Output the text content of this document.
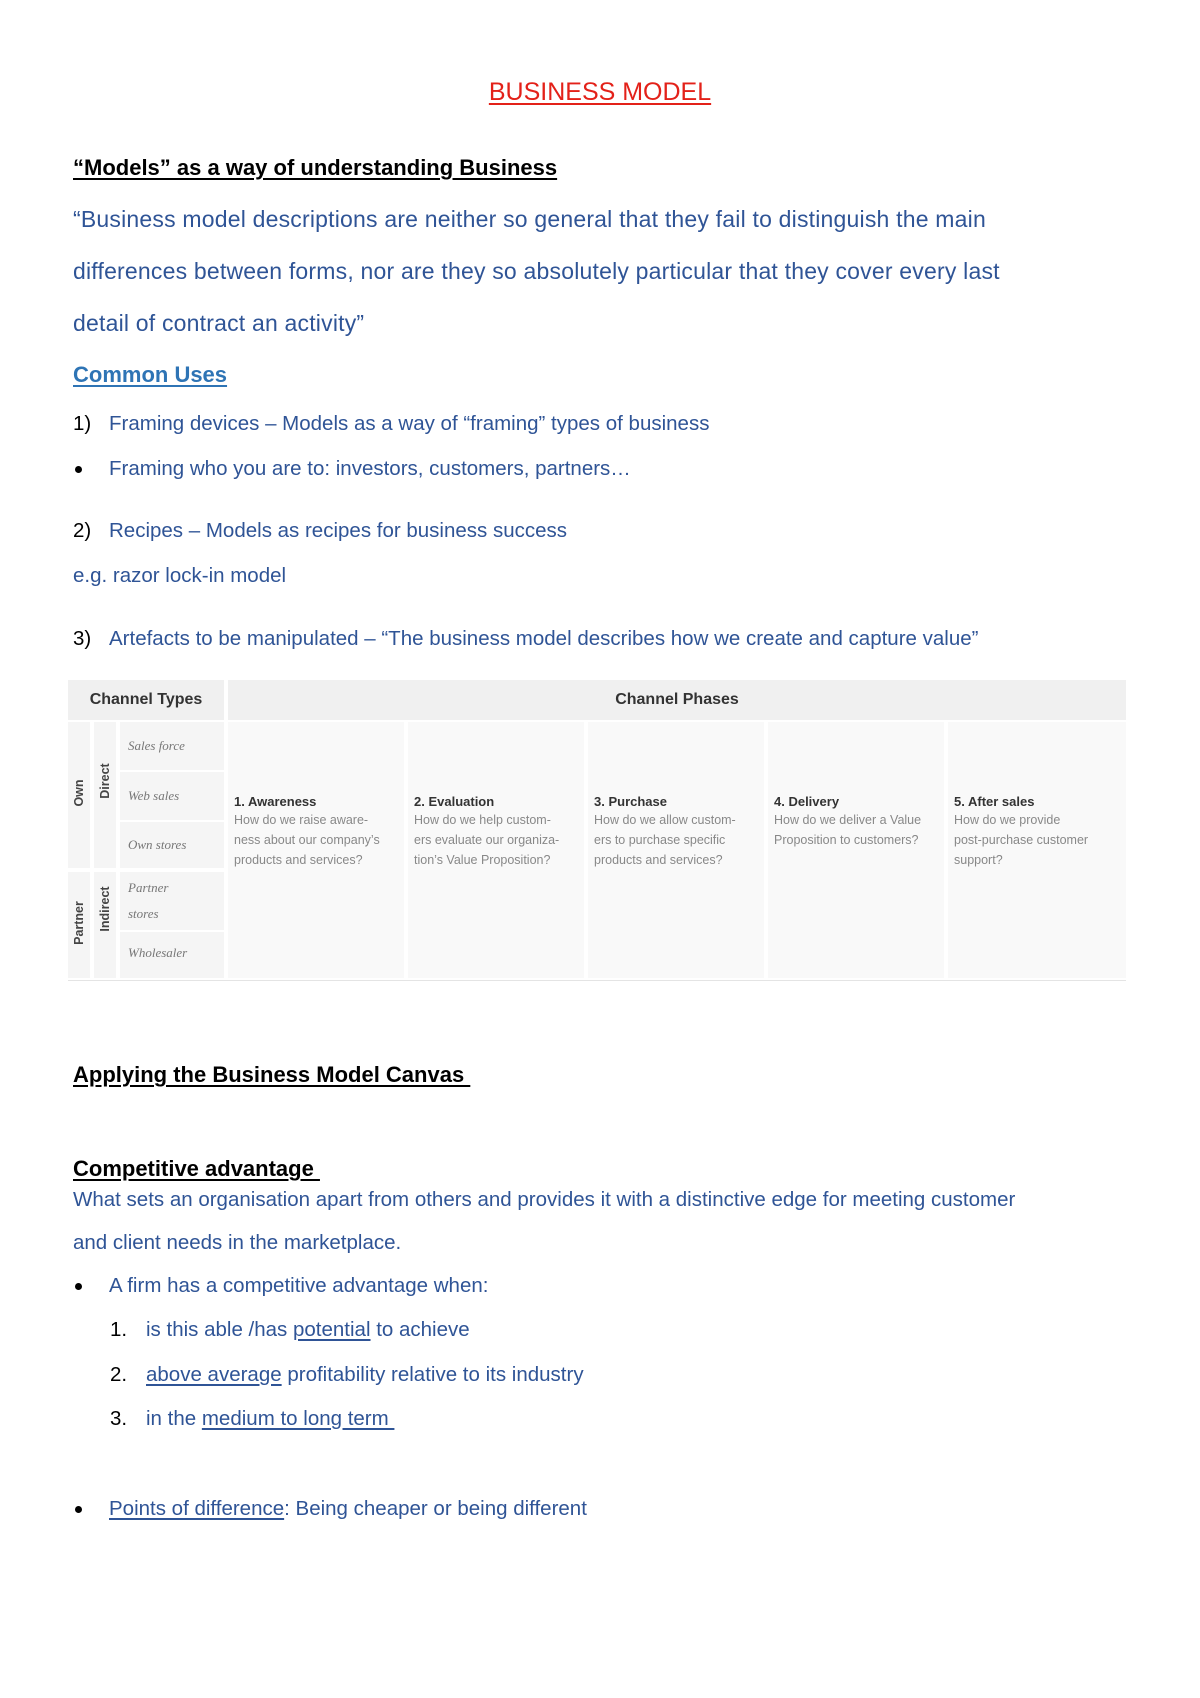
BUSINESS MODEL
“Models” as a way of understanding Business
“Business model descriptions are neither so general that they fail to distinguish the main
differences between forms, nor are they so absolutely particular that they cover every last
detail of contract an activity”
Common Uses
1) Framing devices – Models as a way of “framing” types of business
Framing who you are to: investors, customers, partners…
2) Recipes – Models as recipes for business success
e.g. razor lock-in model
3) Artefacts to be manipulated – “The business model describes how we create and capture value”
Channel Types	Channel Phases
Own
Partner
Direct
Indirect
Sales force
Web sales
Own stores
Partner
stores
Wholesaler
1. Awareness
How do we raise aware-
ness about our company’s
products and services?
2. Evaluation
How do we help custom-
ers evaluate our organiza-
tion’s Value Proposition?
3. Purchase
How do we allow custom-
ers to purchase specific
products and services?
4. Delivery
How do we deliver a Value
Proposition to customers?
5. After sales
How do we provide
post-purchase customer
support?
Applying the Business Model Canvas
Competitive advantage
What sets an organisation apart from others and provides it with a distinctive edge for meeting customer
and client needs in the marketplace.
A firm has a competitive advantage when:
1. is this able /has potential to achieve
2. above average profitability relative to its industry
3. in the medium to long term
Points of difference: Being cheaper or being different
